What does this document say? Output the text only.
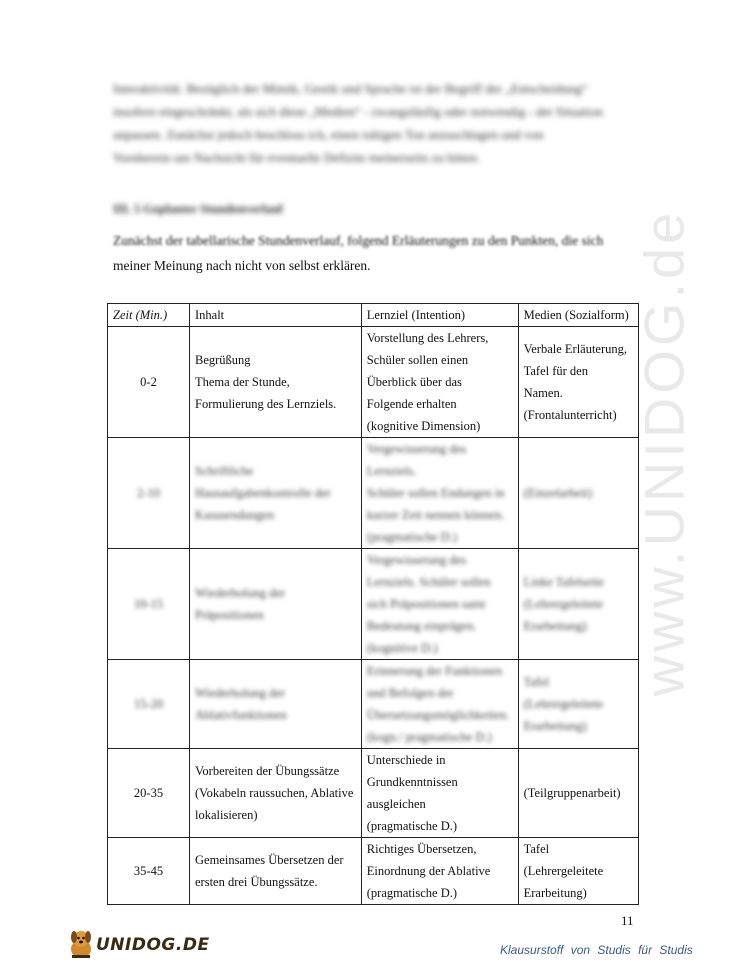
Interaktivität. Bezüglich der Mimik, Gestik und Sprache ist der Begriff der „Entscheidung“

insofern eingeschränkt, als sich diese „Medien“ - zwangsläufig oder notwendig - der Situation

anpassen. Zunächst jedoch beschloss ich, einen ruhigen Ton anzuschlagen und von

Vornherein um Nachsicht für eventuelle Defizite meinerseits zu bitten.

III. 5 Geplanter Stundenverlauf
Zunächst der tabellarische Stundenverlauf, folgend Erläuterungen zu den Punkten, die sich
meiner Meinung nach nicht von selbst erklären.
Zeit (Min.)	Inhalt	Lernziel (Intention)	Medien (Sozialform)
0-2	Begrüßung
Thema der Stunde,
Formulierung des Lernziels.	Vorstellung des Lehrers,
Schüler sollen einen
Überblick über das
Folgende erhalten
(kognitive Dimension)	Verbale Erläuterung,
Tafel für den
Namen.
(Frontalunterricht)
2-10	Schriftliche
Hausaufgabenkontrolle der
Kasusendungen	Vergewisserung des
Lernziels.
Schüler sollen Endungen in
kurzer Zeit nennen können.
(pragmatische D.)	(Einzelarbeit)
10-15	Wiederholung der
Präpositionen	Vergewisserung des
Lernziels. Schüler sollen
sich Präpositionen samt
Bedeutung einprägen.
(kognitive D.)	Linke Tafelseite
(Lehrergeleitete
Erarbeitung)
15-20	Wiederholung der
Ablativfunktionen	Erinnerung der Funktionen
und Befolgen der
Übersetzungsmöglichkeiten.
(kogn./ pragmatische D.)	Tafel
(Lehrergeleitete
Erarbeitung)
20-35	Vorbereiten der Übungssätze
(Vokabeln raussuchen, Ablative
lokalisieren)	Unterschiede in
Grundkenntnissen
ausgleichen
(pragmatische D.)	(Teilgruppenarbeit)
35-45	Gemeinsames Übersetzen der
ersten drei Übungssätze.	Richtiges Übersetzen,
Einordnung der Ablative
(pragmatische D.)	Tafel
(Lehrergeleitete
Erarbeitung)
www.UNIDOG.de
11
UNIDOG.DE	Klausurstoff von Studis für Studis
